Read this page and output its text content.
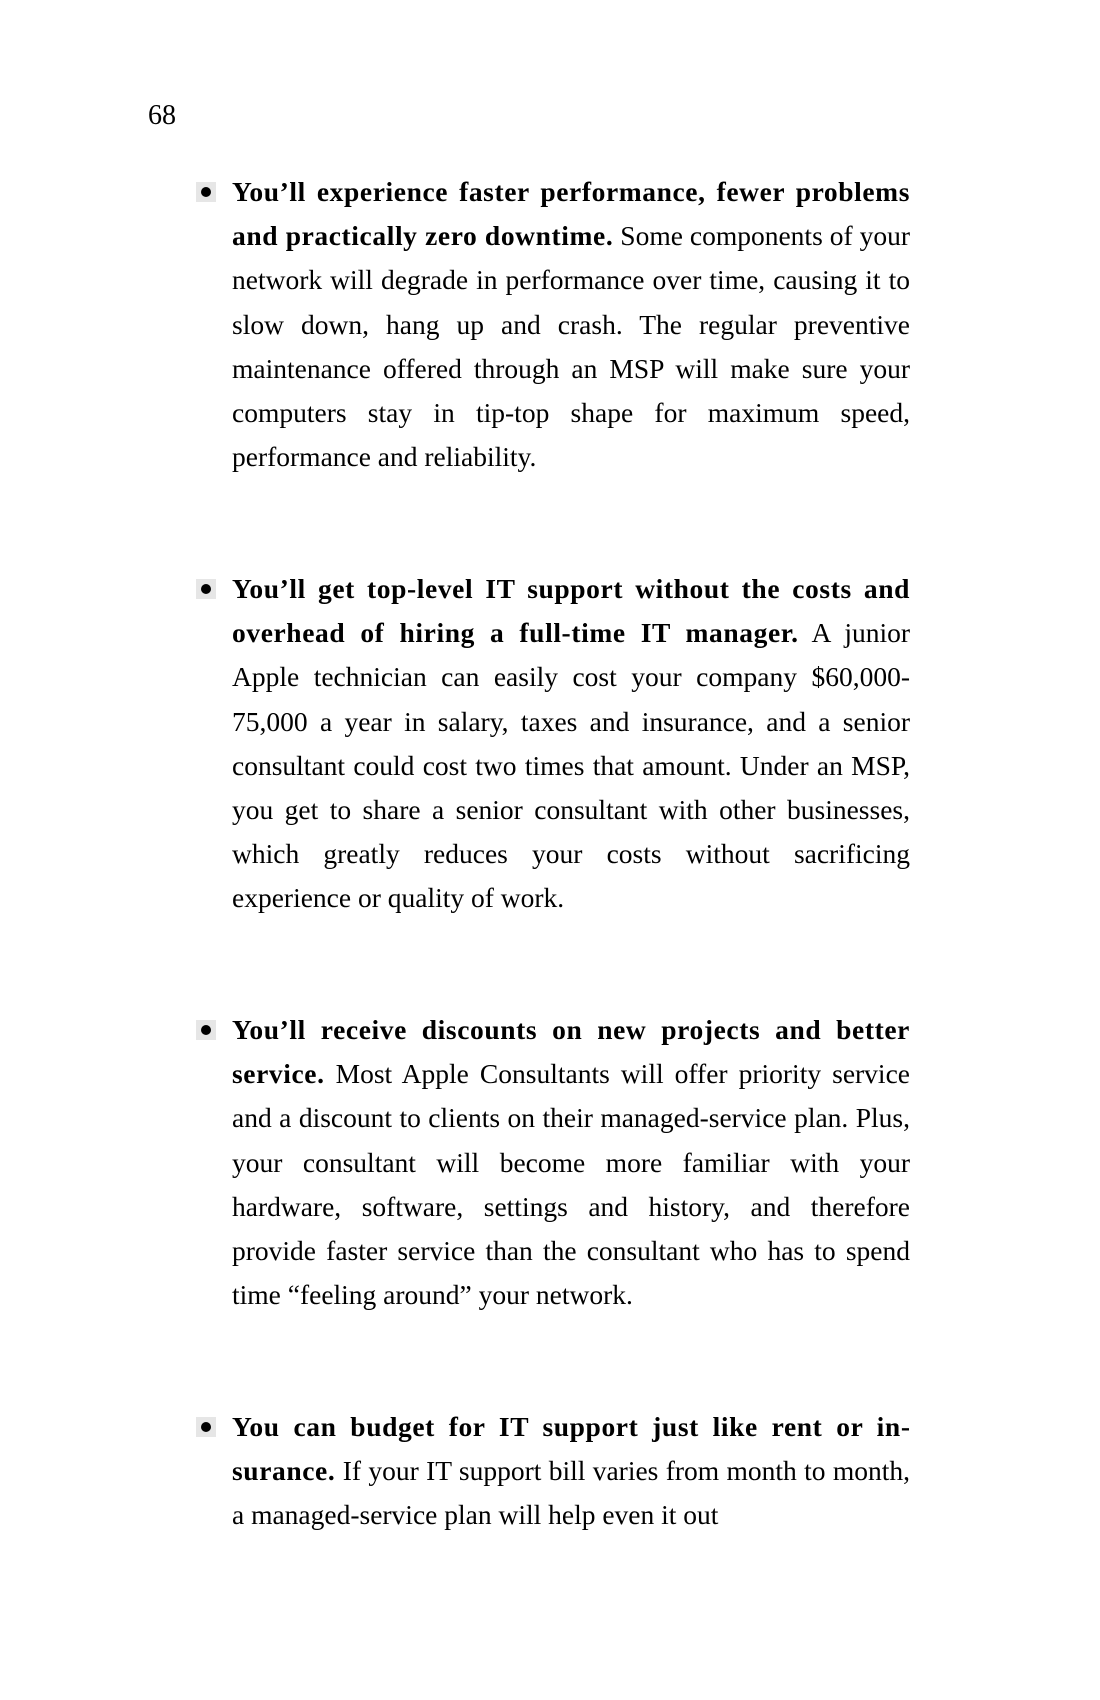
68
You’ll experience faster performance, fewer problems and practically zero downtime. Some components of your network will degrade in performance over time, causing it to slow down, hang up and crash. The regular preventive maintenance offered through an MSP will make sure your computers stay in tip-top shape for maximum speed, performance and reliability.
You’ll get top-level IT support without the costs and overhead of hiring a full-time IT manager. A junior Apple technician can easily cost your company $60,000-75,000 a year in salary, taxes and insurance, and a senior consultant could cost two times that amount. Under an MSP, you get to share a senior consultant with other businesses, which greatly reduces your costs without sacrificing experience or quality of work.
You’ll receive discounts on new projects and better service. Most Apple Consultants will offer priority service and a discount to clients on their managed-service plan. Plus, your consultant will become more familiar with your hardware, software, settings and history, and therefore provide faster service than the consultant who has to spend time “feeling around” your network.
You can budget for IT support just like rent or insurance. If your IT support bill varies from month to month, a managed-service plan will help even it out
